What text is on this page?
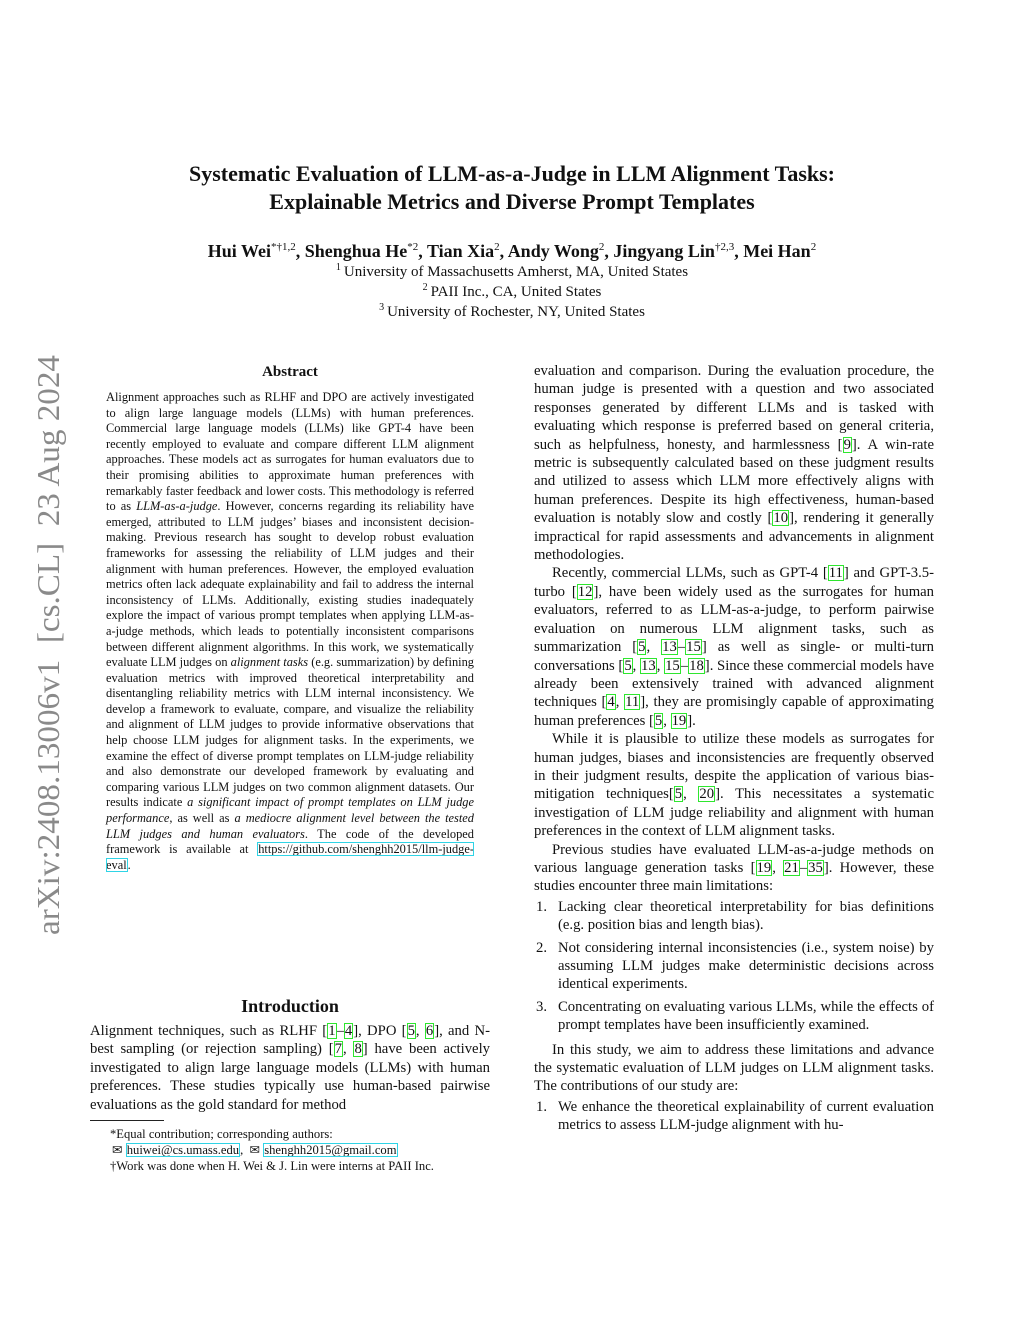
arXiv:2408.13006v1  [cs.CL]  23 Aug 2024
Systematic Evaluation of LLM-as-a-Judge in LLM Alignment Tasks:
Explainable Metrics and Diverse Prompt Templates
Hui Wei$^{*\dagger 1,2}$, Shenghua He$^{*2}$, Tian Xia$^2$, Andy Wong$^2$, Jingyang Lin$^{\dagger 2,3}$, Mei Han$^2$
$^1$ University of Massachusetts Amherst, MA, United States
$^2$ PAII Inc., CA, United States
$^3$ University of Rochester, NY, United States
Abstract
Alignment approaches such as RLHF and DPO are actively investigated to align large language models (LLMs) with human preferences. Commercial large language models (LLMs) like GPT-4 have been recently employed to evaluate and compare different LLM alignment approaches. These models act as surrogates for human evaluators due to their promising abilities to approximate human preferences with remarkably faster feedback and lower costs. This methodology is referred to as LLM-as-a-judge. However, concerns regarding its reliability have emerged, attributed to LLM judges’ biases and inconsistent decision-making. Previous research has sought to develop robust evaluation frameworks for assessing the reliability of LLM judges and their alignment with human preferences. However, the employed evaluation metrics often lack adequate explainability and fail to address the internal inconsistency of LLMs. Additionally, existing studies inadequately explore the impact of various prompt templates when applying LLM-as-a-judge methods, which leads to potentially inconsistent comparisons between different alignment algorithms. In this work, we systematically evaluate LLM judges on alignment tasks (e.g. summarization) by defining evaluation metrics with improved theoretical interpretability and disentangling reliability metrics with LLM internal inconsistency. We develop a framework to evaluate, compare, and visualize the reliability and alignment of LLM judges to provide informative observations that help choose LLM judges for alignment tasks. In the experiments, we examine the effect of diverse prompt templates on LLM-judge reliability and also demonstrate our developed framework by evaluating and comparing various LLM judges on two common alignment datasets. Our results indicate a significant impact of prompt templates on LLM judge performance, as well as a mediocre alignment level between the tested LLM judges and human evaluators. The code of the developed framework is available at https://github.com/shenghh2015/llm-judge-eval.
Introduction
Alignment techniques, such as RLHF [1–4], DPO [5, 6], and N-best sampling (or rejection sampling) [7, 8] have been actively investigated to align large language models (LLMs) with human preferences. These studies typically use human-based pairwise evaluations as the gold standard for method
*Equal contribution; corresponding authors:
✉ huiwei@cs.umass.edu,  ✉ shenghh2015@gmail.com
†Work was done when H. Wei & J. Lin were interns at PAII Inc.

evaluation and comparison. During the evaluation procedure, the human judge is presented with a question and two associated responses generated by different LLMs and is tasked with evaluating which response is preferred based on general criteria, such as helpfulness, honesty, and harmlessness [9]. A win-rate metric is subsequently calculated based on these judgment results and utilized to assess which LLM more effectively aligns with human preferences. Despite its high effectiveness, human-based evaluation is notably slow and costly [10], rendering it generally impractical for rapid assessments and advancements in alignment methodologies.

Recently, commercial LLMs, such as GPT-4 [11] and GPT-3.5-turbo [12], have been widely used as the surrogates for human evaluators, referred to as LLM-as-a-judge, to perform pairwise evaluation on numerous LLM alignment tasks, such as summarization [5, 13–15] as well as single- or multi-turn conversations [5, 13, 15–18]. Since these commercial models have already been extensively trained with advanced alignment techniques [4, 11], they are promisingly capable of approximating human preferences [5, 19].

While it is plausible to utilize these models as surrogates for human judges, biases and inconsistencies are frequently observed in their judgment results, despite the application of various bias-mitigation techniques[5, 20]. This necessitates a systematic investigation of LLM judge reliability and alignment with human preferences in the context of LLM alignment tasks.

Previous studies have evaluated LLM-as-a-judge methods on various language generation tasks [19, 21–35]. However, these studies encounter three main limitations:

1. Lacking clear theoretical interpretability for bias definitions (e.g. position bias and length bias).
2. Not considering internal inconsistencies (i.e., system noise) by assuming LLM judges make deterministic decisions across identical experiments.
3. Concentrating on evaluating various LLMs, while the effects of prompt templates have been insufficiently examined.

In this study, we aim to address these limitations and advance the systematic evaluation of LLM judges on LLM alignment tasks. The contributions of our study are:

1. We enhance the theoretical explainability of current evaluation metrics to assess LLM-judge alignment with hu-
